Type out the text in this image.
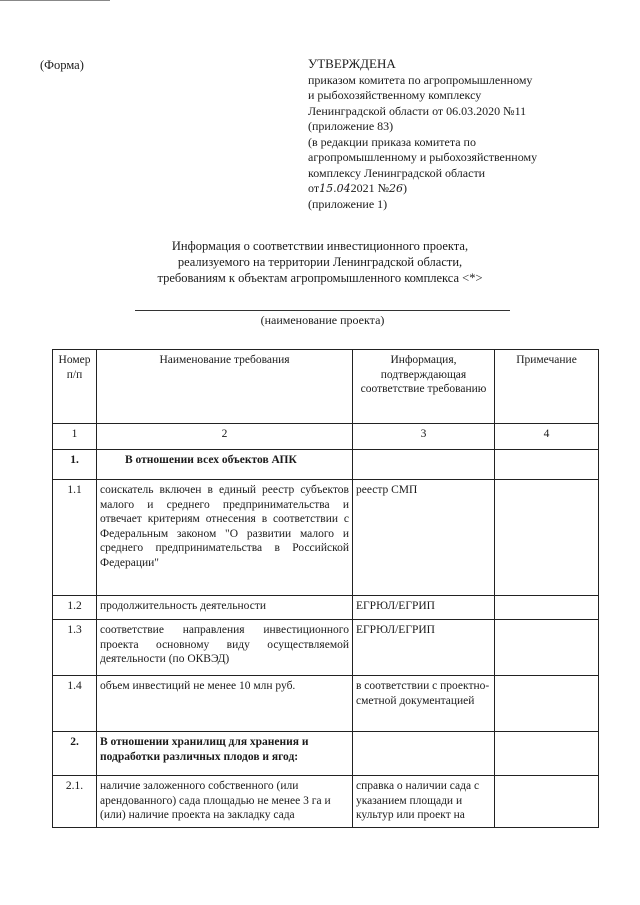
(Форма)	УТВЕРЖДЕНА
приказом комитета по агропромышленному
и рыбохозяйственному комплексу
Ленинградской области от 06.03.2020 №11
(приложение 83)
(в редакции приказа комитета по
агропромышленному и рыбохозяйственному
комплексу Ленинградской области
от15.042021 №26)
(приложение 1)
Информация о соответствии инвестиционного проекта,
реализуемого на территории Ленинградской области,
требованиям к объектам агропромышленного комплекса <*>
(наименование проекта)
Номер п/п	Наименование требования	Информация, подтверждающая соответствие требованию	Примечание
1	2	3	4
1.	В отношении всех объектов АПК		
1.1	соискатель включен в единый реестр субъектов малого и среднего предпринимательства и отвечает критериям отнесения в соответствии с Федеральным законом "О развитии малого и среднего предпринимательства в Российской Федерации"	реестр СМП	
1.2	продолжительность деятельности	ЕГРЮЛ/ЕГРИП	
1.3	соответствие направления инвестиционного проекта основному виду осуществляемой деятельности (по ОКВЭД)	ЕГРЮЛ/ЕГРИП	
1.4	объем инвестиций не менее 10 млн руб.	в соответствии с проектно-сметной документацией	
2.	В отношении хранилищ для хранения и подработки различных плодов и ягод:		
2.1.	наличие заложенного собственного (или арендованного) сада площадью не менее 3 га и (или) наличие проекта на закладку сада	справка о наличии сада с указанием площади и культур или проект на	
